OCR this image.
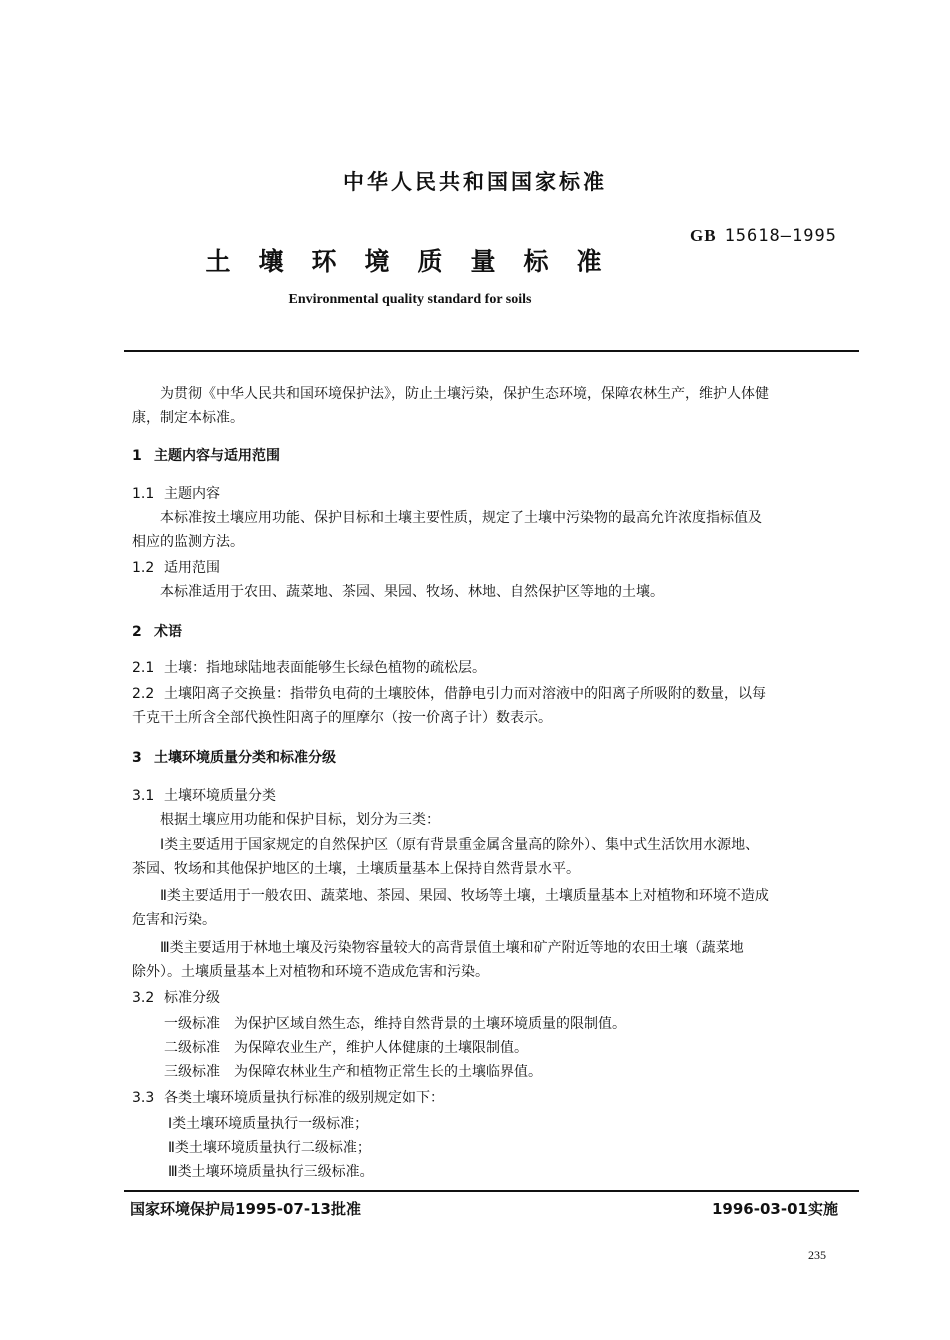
中华人民共和国国家标准
GB 15618—1995
土壤环境质量标准
Environmental quality standard for soils
为贯彻《中华人民共和国环境保护法》，防止土壤污染，保护生态环境，保障农林生产，维护人体健
康，制定本标准。
1 主题内容与适用范围
1.1 主题内容
本标准按土壤应用功能、保护目标和土壤主要性质，规定了土壤中污染物的最高允许浓度指标值及
相应的监测方法。
1.2 适用范围
本标准适用于农田、蔬菜地、茶园、果园、牧场、林地、自然保护区等地的土壤。
2 术语
2.1 土壤：指地球陆地表面能够生长绿色植物的疏松层。
2.2 土壤阳离子交换量：指带负电荷的土壤胶体，借静电引力而对溶液中的阳离子所吸附的数量，以每
千克干土所含全部代换性阳离子的厘摩尔（按一价离子计）数表示。
3 土壤环境质量分类和标准分级
3.1 土壤环境质量分类
根据土壤应用功能和保护目标，划分为三类：
Ⅰ类主要适用于国家规定的自然保护区（原有背景重金属含量高的除外）、集中式生活饮用水源地、
茶园、牧场和其他保护地区的土壤，土壤质量基本上保持自然背景水平。
Ⅱ类主要适用于一般农田、蔬菜地、茶园、果园、牧场等土壤，土壤质量基本上对植物和环境不造成
危害和污染。
Ⅲ类主要适用于林地土壤及污染物容量较大的高背景值土壤和矿产附近等地的农田土壤（蔬菜地
除外）。土壤质量基本上对植物和环境不造成危害和污染。
3.2 标准分级
一级标准 为保护区域自然生态，维持自然背景的土壤环境质量的限制值。
二级标准 为保障农业生产，维护人体健康的土壤限制值。
三级标准 为保障农林业生产和植物正常生长的土壤临界值。
3.3 各类土壤环境质量执行标准的级别规定如下：
Ⅰ类土壤环境质量执行一级标准；
Ⅱ类土壤环境质量执行二级标准；
Ⅲ类土壤环境质量执行三级标准。
国家环境保护局1995-07-13批准	1996-03-01实施
235
